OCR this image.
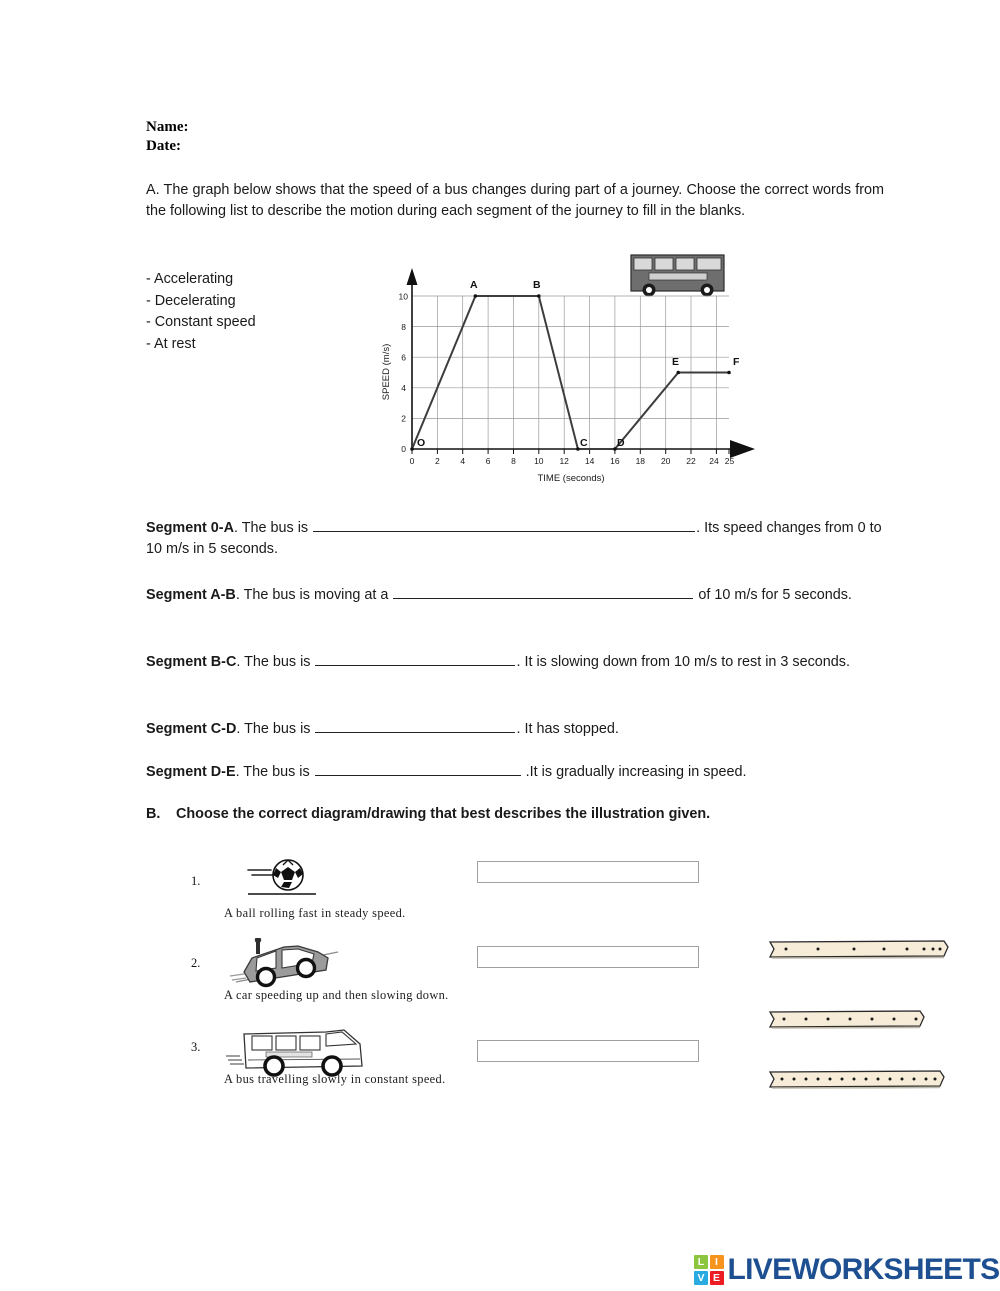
Name:
Date:
A. The graph below shows that the speed of a bus changes during part of a journey. Choose the correct words from the following list to describe the motion during each segment of the journey to fill in the blanks.
- Accelerating
- Decelerating
- Constant speed
- At rest
0
2
4
6
8
10
0 2 4 6 8 10 12 14 16 18 20 22 24 25
TIME (seconds)
SPEED (m/s)
O
A	B
C	D
E	F
Segment 0-A. The bus is	. Its speed changes from 0 to 10 m/s in 5 seconds.
Segment A-B. The bus is moving at a	of 10 m/s for 5 seconds.
Segment B-C. The bus is	. It is slowing down from 10 m/s to rest in 3 seconds.
Segment C-D. The bus is	. It has stopped.
Segment D-E. The bus is	.It is gradually increasing in speed.
B. Choose the correct diagram/drawing that best describes the illustration given.
1.
A ball rolling fast in steady speed.
2.
A car speeding up and then slowing down.
3.
A bus travelling slowly in constant speed.
L	I
V E LIVEWORKSHEETS
